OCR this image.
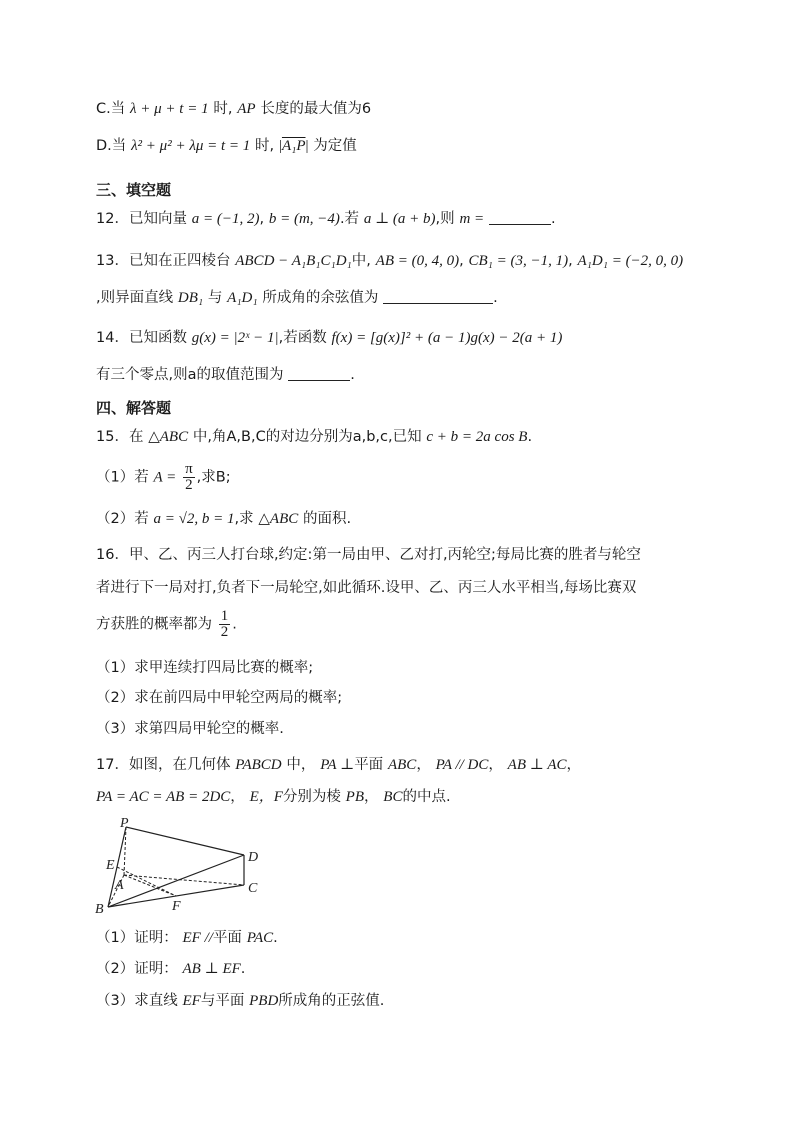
C.当 λ + μ + t = 1 时, AP 长度的最大值为6
D.当 λ² + μ² + λμ = t = 1 时, |A₁P| 为定值
三、填空题
12．已知向量 a = (−1, 2), b = (m, −4).若 a ⊥ (a + b),则 m =	.
13．已知在正四棱台 ABCD − A₁B₁C₁D₁中, AB = (0, 4, 0), CB₁ = (3, −1, 1), A₁D₁ = (−2, 0, 0)
,则异面直线 DB₁ 与 A₁D₁ 所成角的余弦值为	.
14．已知函数 g(x) = |2ˣ − 1|,若函数 f(x) = [g(x)]² + (a − 1)g(x) − 2(a + 1)
有三个零点,则a的取值范围为	.
四、解答题
15．在 △ABC 中,角A,B,C的对边分别为a,b,c,已知 c + b = 2a cos B.
（1）若 $A = \frac{\pi}{2}$ ,求B;
（2）若 a = √2, b = 1,求 △ABC 的面积.
16．甲、乙、丙三人打台球,约定:第一局由甲、乙对打,丙轮空;每局比赛的胜者与轮空
者进行下一局对打,负者下一局轮空,如此循环.设甲、乙、丙三人水平相当,每场比赛双
方获胜的概率都为 $\frac{1}{2}$ .
（1）求甲连续打四局比赛的概率;
（2）求在前四局中甲轮空两局的概率;
（3）求第四局甲轮空的概率.
17．如图，在几何体 PABCD 中， PA ⊥平面 ABC， PA // DC， AB ⊥ AC，
PA = AC = AB = 2DC， E，F分别为棱 PB， BC的中点.
P
E
A
B	F
C
D
（1）证明： EF //平面 PAC.
（2）证明： AB ⊥ EF.
（3）求直线 EF与平面 PBD所成角的正弦值.
